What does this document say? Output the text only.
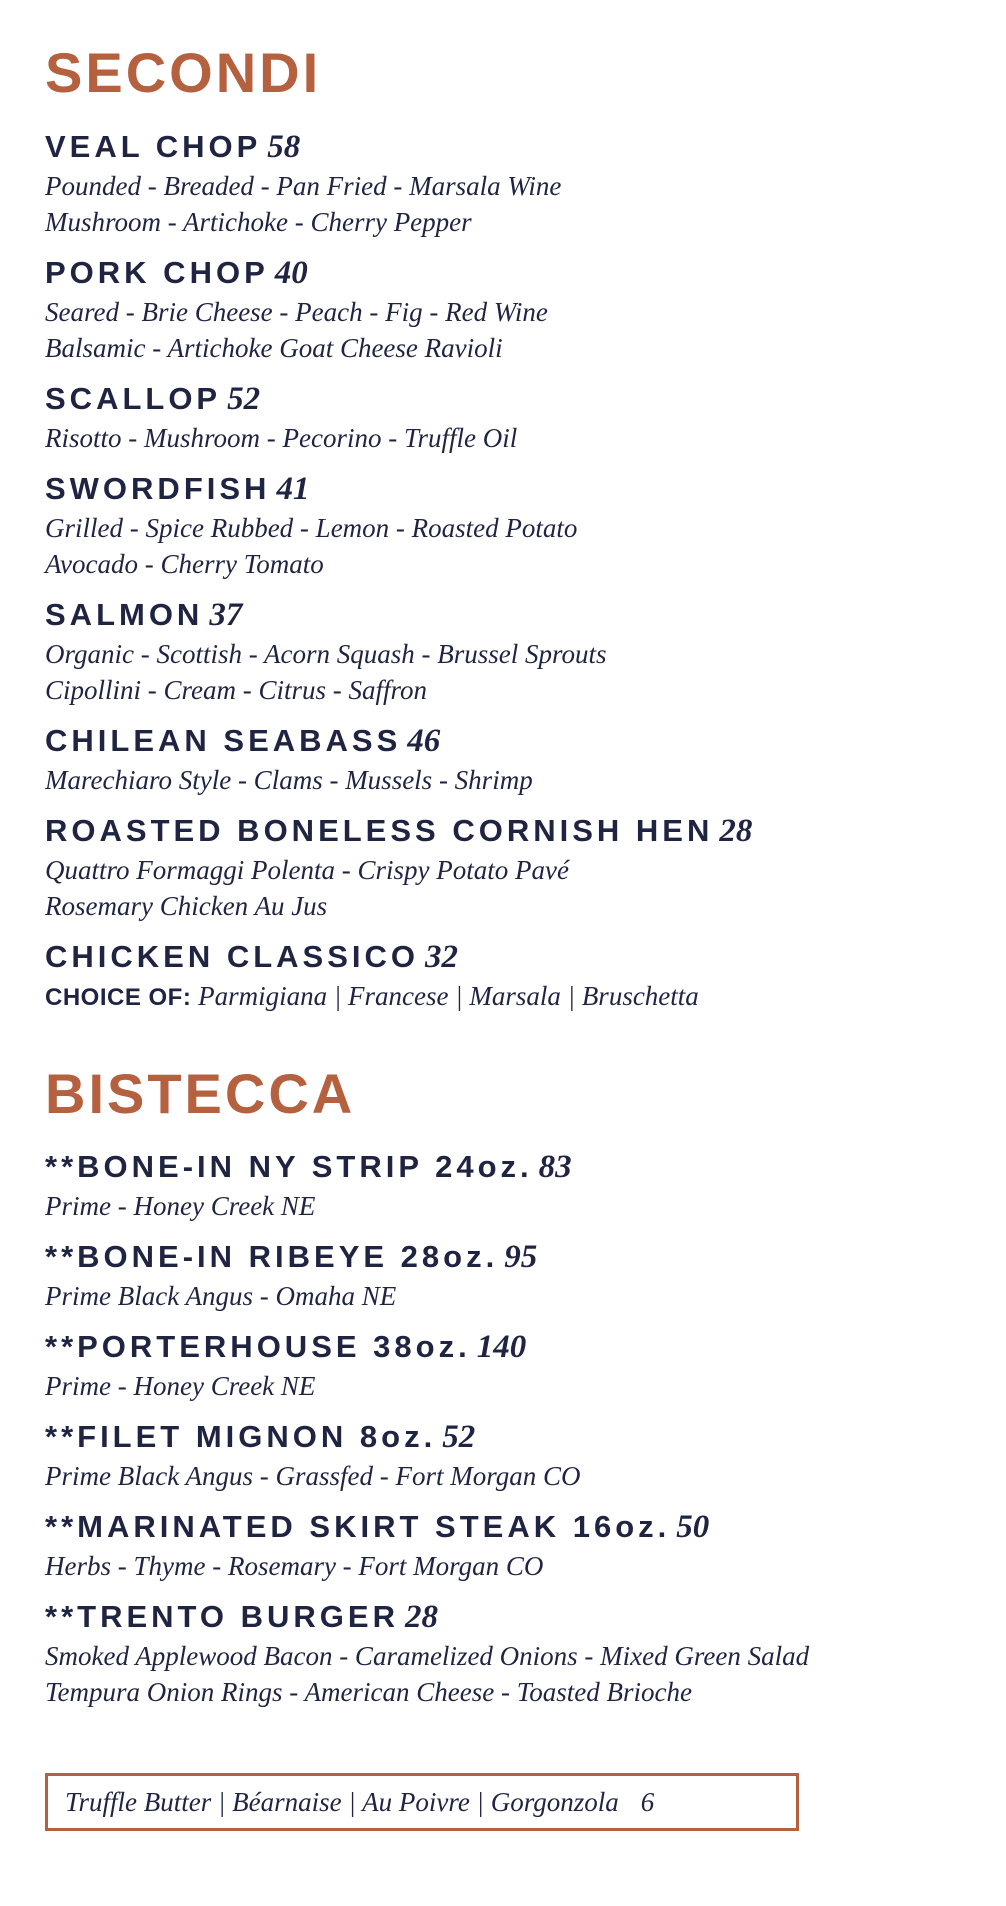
SECONDI
VEAL CHOP 58
Pounded - Breaded - Pan Fried - Marsala Wine
Mushroom - Artichoke - Cherry Pepper
PORK CHOP 40
Seared - Brie Cheese - Peach - Fig - Red Wine
Balsamic - Artichoke Goat Cheese Ravioli
SCALLOP 52
Risotto - Mushroom - Pecorino - Truffle Oil
SWORDFISH 41
Grilled - Spice Rubbed - Lemon - Roasted Potato
Avocado - Cherry Tomato
SALMON 37
Organic - Scottish - Acorn Squash - Brussel Sprouts
Cipollini - Cream - Citrus - Saffron
CHILEAN SEABASS 46
Marechiaro Style - Clams - Mussels - Shrimp
ROASTED BONELESS CORNISH HEN 28
Quattro Formaggi Polenta - Crispy Potato Pavé
Rosemary Chicken Au Jus
CHICKEN CLASSICO 32
CHOICE OF: Parmigiana | Francese | Marsala | Bruschetta
BISTECCA
**BONE-IN NY STRIP 24oz. 83
Prime - Honey Creek NE
**BONE-IN RIBEYE 28oz. 95
Prime Black Angus - Omaha NE
**PORTERHOUSE 38oz. 140
Prime - Honey Creek NE
**FILET MIGNON 8oz. 52
Prime Black Angus - Grassfed - Fort Morgan CO
**MARINATED SKIRT STEAK 16oz. 50
Herbs - Thyme - Rosemary - Fort Morgan CO
**TRENTO BURGER 28
Smoked Applewood Bacon - Caramelized Onions - Mixed Green Salad
Tempura Onion Rings - American Cheese - Toasted Brioche
Truffle Butter | Béarnaise | Au Poivre | Gorgonzola 6
